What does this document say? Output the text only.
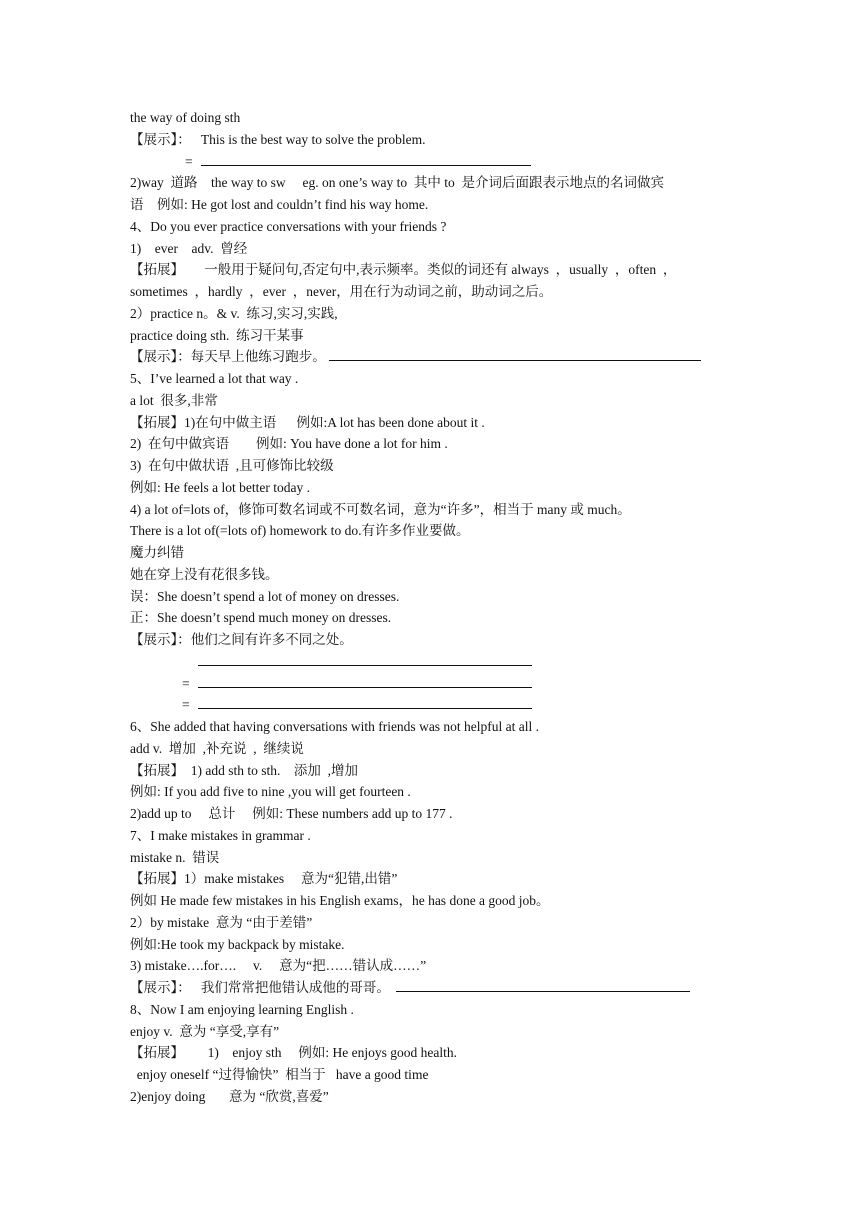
the way of doing sth
【展示】：   This is the best way to solve the problem.
=
2)way  道路    the way to sw     eg. on one’s way to  其中 to  是介词后面跟表示地点的名词做宾
语    例如: He got lost and couldn’t find his way home.
4、Do you ever practice conversations with your friends ?
1)    ever    adv.  曾经
【拓展】      一般用于疑问句,否定句中,表示频率。类似的词还有 always  ，usually  ，often  ，
sometimes  ，hardly  ，ever  ，never，用在行为动词之前，助动词之后。
2）practice n。& v.  练习,实习,实践,
practice doing sth.  练习干某事
【展示】：每天早上他练习跑步。
5、I’ve learned a lot that way .
a lot  很多,非常
【拓展】1)在句中做主语      例如:A lot has been done about it .
2)  在句中做宾语        例如: You have done a lot for him .
3)  在句中做状语  ,且可修饰比较级
例如: He feels a lot better today .
4) a lot of=lots of，修饰可数名词或不可数名词，意为“许多”，相当于 many 或 much。
There is a lot of(=lots of) homework to do.有许多作业要做。
魔力纠错
她在穿上没有花很多钱。
误：She doesn’t spend a lot of money on dresses.
正：She doesn’t spend much money on dresses.
【展示】：他们之间有许多不同之处。
=
=
6、She added that having conversations with friends was not helpful at all .
add v.  增加  ,补充说  ,  继续说
【拓展】  1) add sth to sth.    添加  ,增加
例如: If you add five to nine ,you will get fourteen .
2)add up to     总计     例如: These numbers add up to 177 .
7、I make mistakes in grammar .
mistake n.  错误
【拓展】1）make mistakes     意为“犯错,出错”
例如 He made few mistakes in his English exams，he has done a good job。
2）by mistake  意为 “由于差错”
例如:He took my backpack by mistake.
3) mistake….for….     v.     意为“把……错认成……”
【展示】：   我们常常把他错认成他的哥哥。
8、Now I am enjoying learning English .
enjoy v.  意为 “享受,享有”
【拓展】       1)    enjoy sth     例如: He enjoys good health.
enjoy oneself “过得愉快”  相当于   have a good time
2)enjoy doing       意为 “欣赏,喜爱”
